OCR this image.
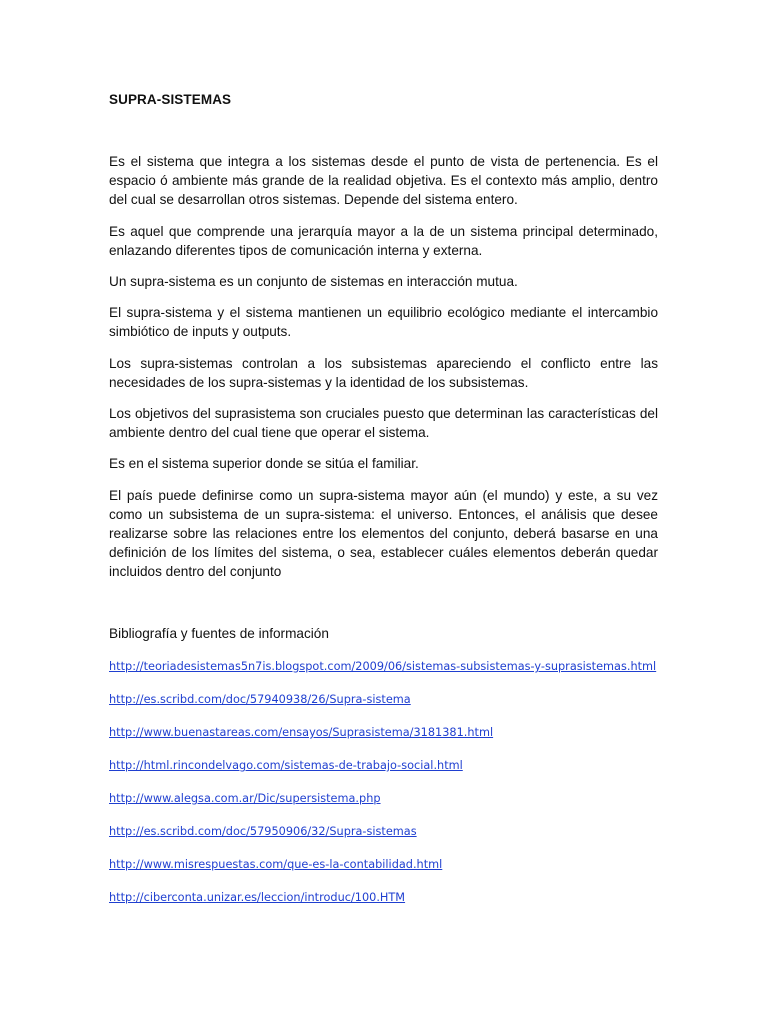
SUPRA-SISTEMAS

Es el sistema que integra a los sistemas desde el punto de vista de pertenencia. Es el espacio ó ambiente más grande de la realidad objetiva. Es el contexto más amplio, dentro del cual se desarrollan otros sistemas. Depende del sistema entero.

Es aquel que comprende una jerarquía mayor a la de un sistema principal determinado, enlazando diferentes tipos de comunicación interna y externa.

Un supra-sistema es un conjunto de sistemas en interacción mutua.

El supra-sistema y el sistema mantienen un equilibrio ecológico mediante el intercambio simbiótico de inputs y outputs.

Los supra-sistemas controlan a los subsistemas apareciendo el conflicto entre las necesidades de los supra-sistemas y la identidad de los subsistemas.

Los objetivos del suprasistema son cruciales puesto que determinan las características del ambiente dentro del cual tiene que operar el sistema.

Es en el sistema superior donde se sitúa el familiar.

El país puede definirse como un supra-sistema mayor aún (el mundo) y este, a su vez como un subsistema de un supra-sistema: el universo. Entonces, el análisis que desee realizarse sobre las relaciones entre los elementos del conjunto, deberá basarse en una definición de los límites del sistema, o sea, establecer cuáles elementos deberán quedar incluidos dentro del conjunto

Bibliografía y fuentes de información
http://teoriadesistemas5n7is.blogspot.com/2009/06/sistemas-subsistemas-y-suprasistemas.html
http://es.scribd.com/doc/57940938/26/Supra-sistema
http://www.buenastareas.com/ensayos/Suprasistema/3181381.html
http://html.rincondelvago.com/sistemas-de-trabajo-social.html
http://www.alegsa.com.ar/Dic/supersistema.php
http://es.scribd.com/doc/57950906/32/Supra-sistemas
http://www.misrespuestas.com/que-es-la-contabilidad.html
http://ciberconta.unizar.es/leccion/introduc/100.HTM
